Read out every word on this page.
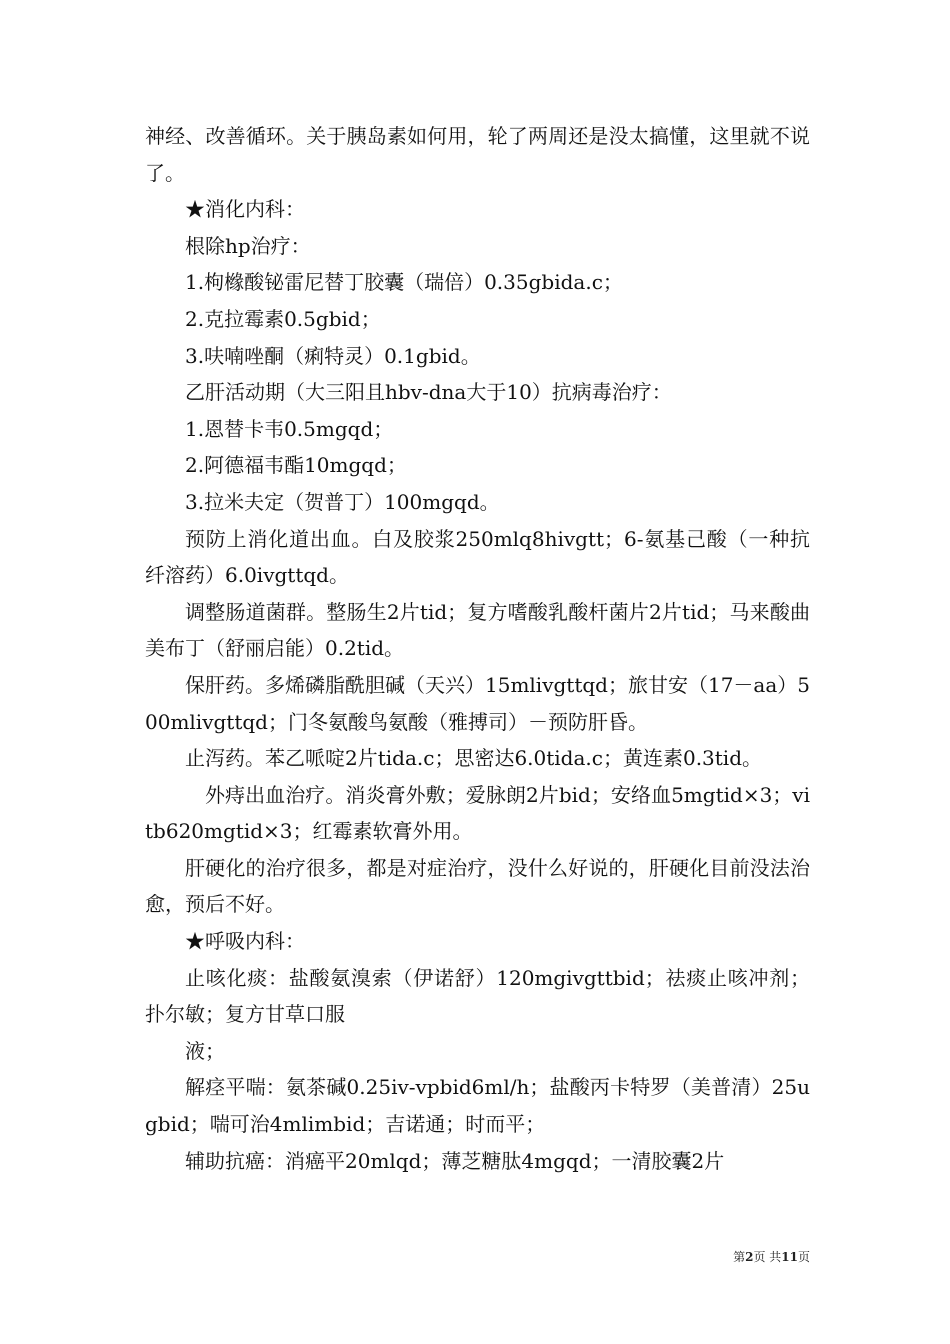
神经、改善循环。关于胰岛素如何用，轮了两周还是没太搞懂，这里就不说了。

★消化内科：

根除hp治疗：

1.枸橼酸铋雷尼替丁胶囊（瑞倍）0.35gbida.c；

2.克拉霉素0.5gbid；

3.呋喃唑酮（痢特灵）0.1gbid。

乙肝活动期（大三阳且hbv-dna大于10）抗病毒治疗：

1.恩替卡韦0.5mgqd；

2.阿德福韦酯10mgqd；

3.拉米夫定（贺普丁）100mgqd。

预防上消化道出血。白及胶浆250mlq8hivgtt；6-氨基己酸（一种抗纤溶药）6.0ivgttqd。

调整肠道菌群。整肠生2片tid；复方嗜酸乳酸杆菌片2片tid；马来酸曲美布丁（舒丽启能）0.2tid。

保肝药。多烯磷脂酰胆碱（天兴）15mlivgttqd；旅甘安（17－aa）500mlivgttqd；门冬氨酸鸟氨酸（雅搏司）－预防肝昏。

止泻药。苯乙哌啶2片tida.c；思密达6.0tida.c；黄连素0.3tid。

外痔出血治疗。消炎膏外敷；爱脉朗2片bid；安络血5mgtid×3；vitb620mgtid×3；红霉素软膏外用。

肝硬化的治疗很多，都是对症治疗，没什么好说的，肝硬化目前没法治愈，预后不好。

★呼吸内科：

止咳化痰：盐酸氨溴索（伊诺舒）120mgivgttbid；祛痰止咳冲剂；扑尔敏；复方甘草口服

液；

解痉平喘：氨茶碱0.25iv-vpbid6ml/h；盐酸丙卡特罗（美普清）25ugbid；喘可治4mlimbid；吉诺通；时而平；

辅助抗癌：消癌平20mlqd；薄芝糖肽4mgqd；一清胶囊2片

第2页 共11页
